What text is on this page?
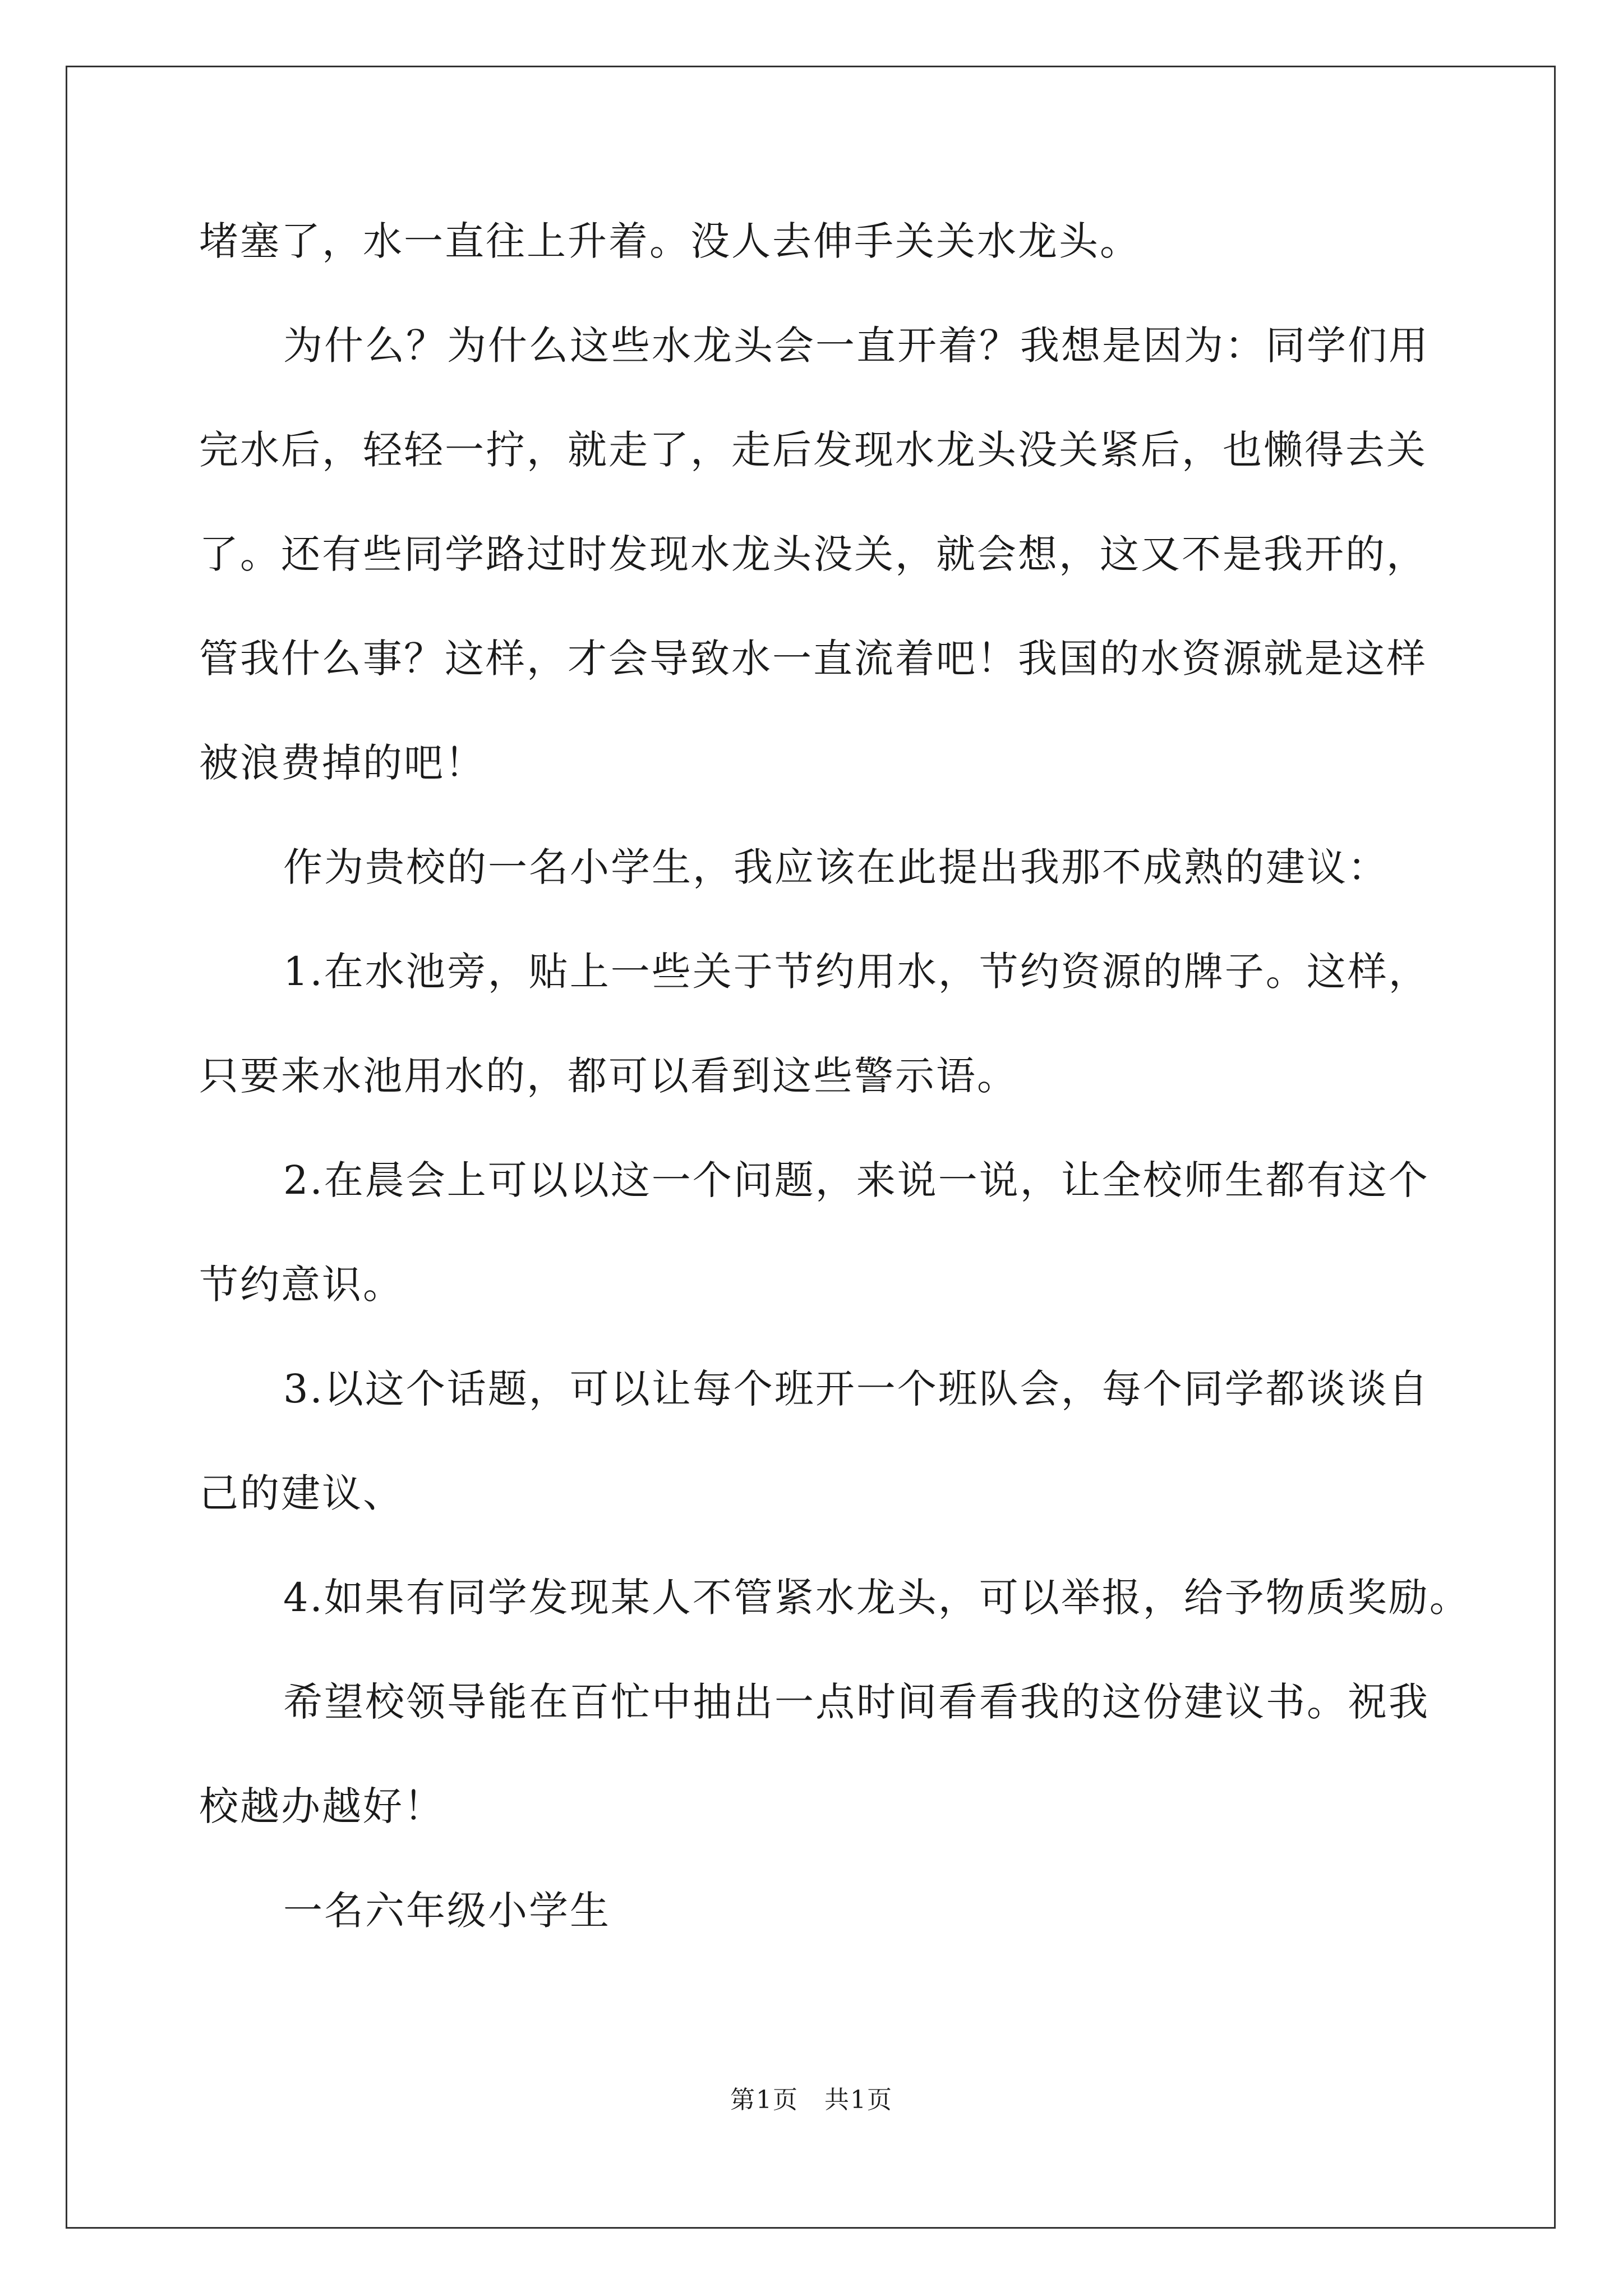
堵塞了，水一直往上升着。没人去伸手关关水龙头。
为什么？为什么这些水龙头会一直开着？我想是因为：同学们用
完水后，轻轻一拧，就走了，走后发现水龙头没关紧后，也懒得去关
了。还有些同学路过时发现水龙头没关，就会想，这又不是我开的，
管我什么事？这样，才会导致水一直流着吧！我国的水资源就是这样
被浪费掉的吧！
作为贵校的一名小学生，我应该在此提出我那不成熟的建议：
1.在水池旁，贴上一些关于节约用水，节约资源的牌子。这样，
只要来水池用水的，都可以看到这些警示语。
2.在晨会上可以以这一个问题，来说一说，让全校师生都有这个
节约意识。
3.以这个话题，可以让每个班开一个班队会，每个同学都谈谈自
己的建议、
4.如果有同学发现某人不管紧水龙头，可以举报，给予物质奖励。
希望校领导能在百忙中抽出一点时间看看我的这份建议书。祝我
校越办越好！
一名六年级小学生
第1页　共1页
